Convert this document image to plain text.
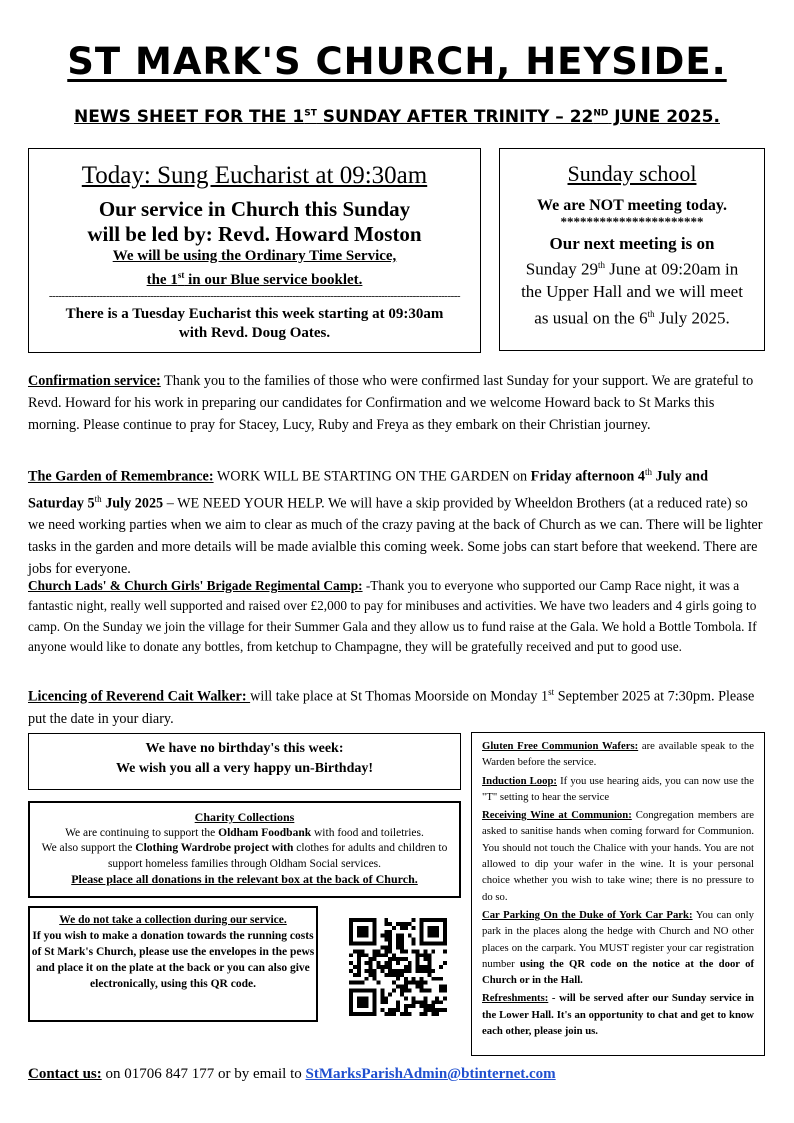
ST MARK'S CHURCH, HEYSIDE.
NEWS SHEET FOR THE 1ST SUNDAY AFTER TRINITY – 22ND JUNE 2025.
Today: Sung Eucharist at 09:30am
Our service in Church this Sunday
will be led by: Revd. Howard Moston
We will be using the Ordinary Time Service,
the 1st in our Blue service booklet.
----------------------------------------------------------------------------------------------------------------------------------
There is a Tuesday Eucharist this week starting at 09:30am
with Revd. Doug Oates.
Sunday school
We are NOT meeting today.
**********************
Our next meeting is on
Sunday 29th June at 09:20am in
the Upper Hall and we will meet
as usual on the 6th July 2025.
Confirmation service: Thank you to the families of those who were confirmed last Sunday for your support. We are grateful to Revd. Howard for his work in preparing our candidates for Confirmation and we welcome Howard back to St Marks this morning. Please continue to pray for Stacey, Lucy, Ruby and Freya as they embark on their Christian journey.
The Garden of Remembrance: WORK WILL BE STARTING ON THE GARDEN on Friday afternoon 4th July and Saturday 5th July 2025 – WE NEED YOUR HELP. We will have a skip provided by Wheeldon Brothers (at a reduced rate) so we need working parties when we aim to clear as much of the crazy paving at the back of Church as we can. There will be lighter tasks in the garden and more details will be made avialble this coming week. Some jobs can start before that weekend. There are jobs for everyone.
Church Lads' & Church Girls' Brigade Regimental Camp: -Thank you to everyone who supported our Camp Race night, it was a fantastic night, really well supported and raised over £2,000 to pay for minibuses and activities. We have two leaders and 4 girls going to camp. On the Sunday we join the village for their Summer Gala and they allow us to fund raise at the Gala. We hold a Bottle Tombola. If anyone would like to donate any bottles, from ketchup to Champagne, they will be gratefully received and put to good use.
Licencing of Reverend Cait Walker: will take place at St Thomas Moorside on Monday 1st September 2025 at 7:30pm. Please put the date in your diary.
We have no birthday's this week:
We wish you all a very happy un-Birthday!
Charity Collections
We are continuing to support the Oldham Foodbank with food and toiletries.
We also support the Clothing Wardrobe project with clothes for adults and children to support homeless families through Oldham Social services.
Please place all donations in the relevant box at the back of Church.
We do not take a collection during our service.
If you wish to make a donation towards the running costs of St Mark's Church, please use the envelopes in the pews and place it on the plate at the back or you can also give electronically, using this QR code.

Gluten Free Communion Wafers: are available speak to the Warden before the service.

Induction Loop: If you use hearing aids, you can now use the "T" setting to hear the service

Receiving Wine at Communion: Congregation members are asked to sanitise hands when coming forward for Communion. You should not touch the Chalice with your hands. You are not allowed to dip your wafer in the wine. It is your personal choice whether you wish to take wine; there is no pressure to do so.

Car Parking On the Duke of York Car Park: You can only park in the places along the hedge with Church and NO other places on the carpark. You MUST register your car registration number using the QR code on the notice at the door of Church or in the Hall.

Refreshments: - will be served after our Sunday service in the Lower Hall. It's an opportunity to chat and get to know each other, please join us.

Contact us: on 01706 847 177 or by email to StMarksParishAdmin@btinternet.com
